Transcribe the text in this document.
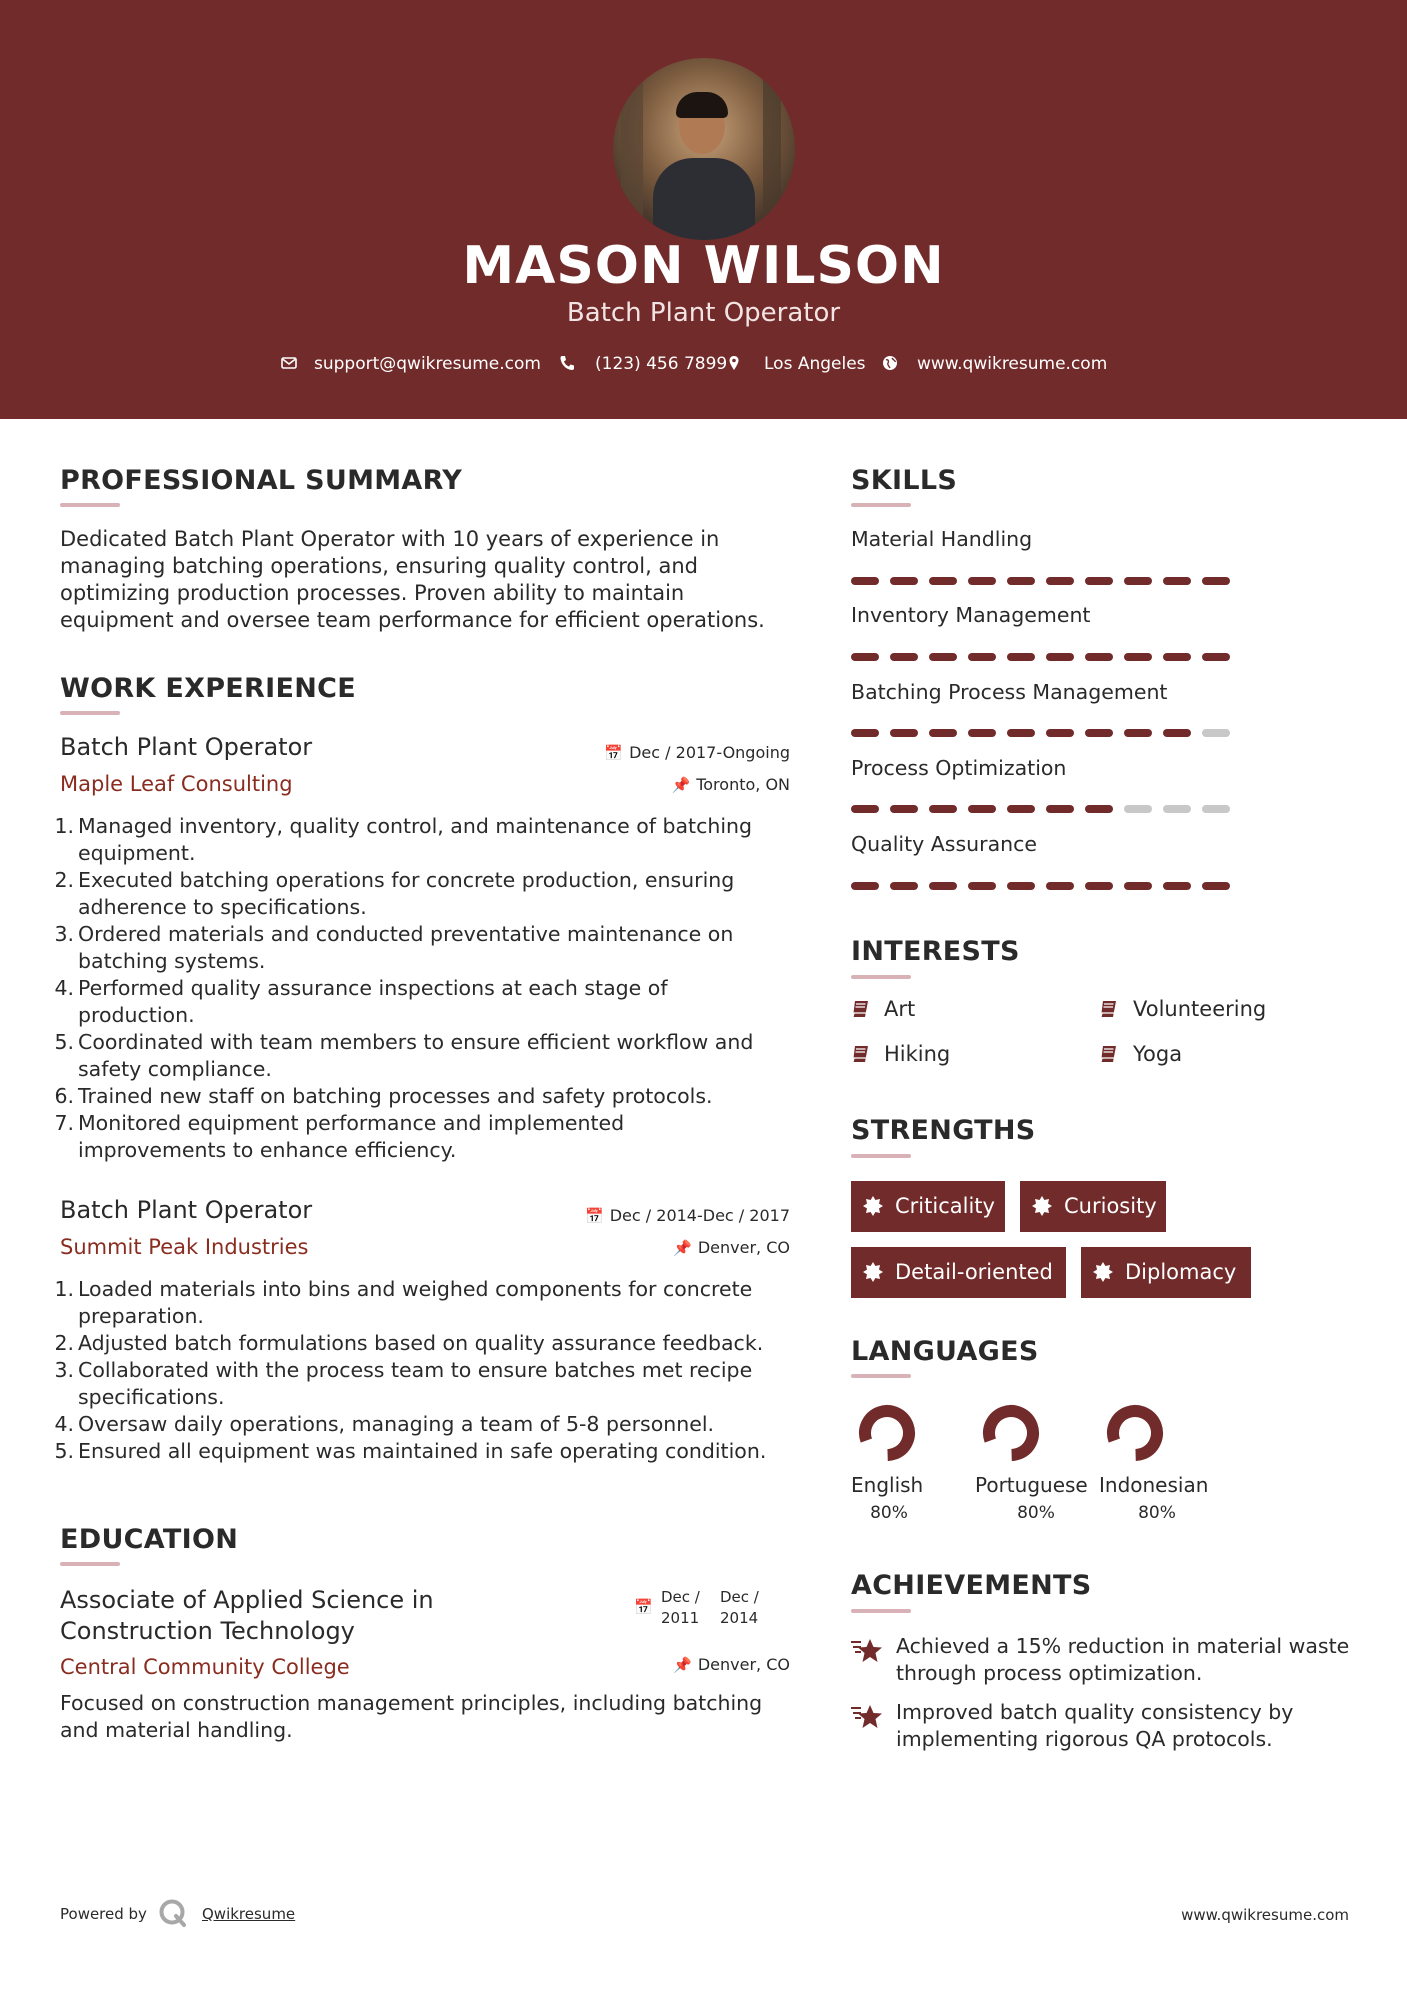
MASON WILSON
Batch Plant Operator
support@qwikresume.com	(123) 456 7899 Los Angeles	www.qwikresume.com
PROFESSIONAL SUMMARY
Dedicated Batch Plant Operator with 10 years of experience in
managing batching operations, ensuring quality control, and
optimizing production processes. Proven ability to maintain
equipment and oversee team performance for efficient operations.
WORK EXPERIENCE
Batch Plant Operator
Maple Leaf Consulting
📅 Dec / 2017-Ongoing
📌 Toronto, ON
1. Managed inventory, quality control, and maintenance of batching
equipment.
2. Executed batching operations for concrete production, ensuring
adherence to specifications.
3. Ordered materials and conducted preventative maintenance on
batching systems.
4. Performed quality assurance inspections at each stage of
production.
5. Coordinated with team members to ensure efficient workflow and
safety compliance.
6. Trained new staff on batching processes and safety protocols.
7. Monitored equipment performance and implemented
improvements to enhance efficiency.
Batch Plant Operator
Summit Peak Industries
📅 Dec / 2014-Dec / 2017
📌 Denver, CO
1. Loaded materials into bins and weighed components for concrete
preparation.
2. Adjusted batch formulations based on quality assurance feedback.
3. Collaborated with the process team to ensure batches met recipe
specifications.
4. Oversaw daily operations, managing a team of 5-8 personnel.
5. Ensured all equipment was maintained in safe operating condition.
EDUCATION
Associate of Applied Science in
Construction Technology
📅
Dec /
2011
Dec /
2014
Central Community College	📌 Denver, CO
Focused on construction management principles, including batching
and material handling.
SKILLS
Material Handling
Inventory Management
Batching Process Management
Process Optimization
Quality Assurance
INTERESTS
Art	Volunteering
Hiking	Yoga
STRENGTHS
Criticality	Curiosity
Detail-oriented	Diplomacy
LANGUAGES
English
80%
Portuguese
80%
Indonesian
80%
ACHIEVEMENTS
Achieved a 15% reduction in material waste
through process optimization.
Improved batch quality consistency by
implementing rigorous QA protocols.
Powered by	Qwikresume	www.qwikresume.com
